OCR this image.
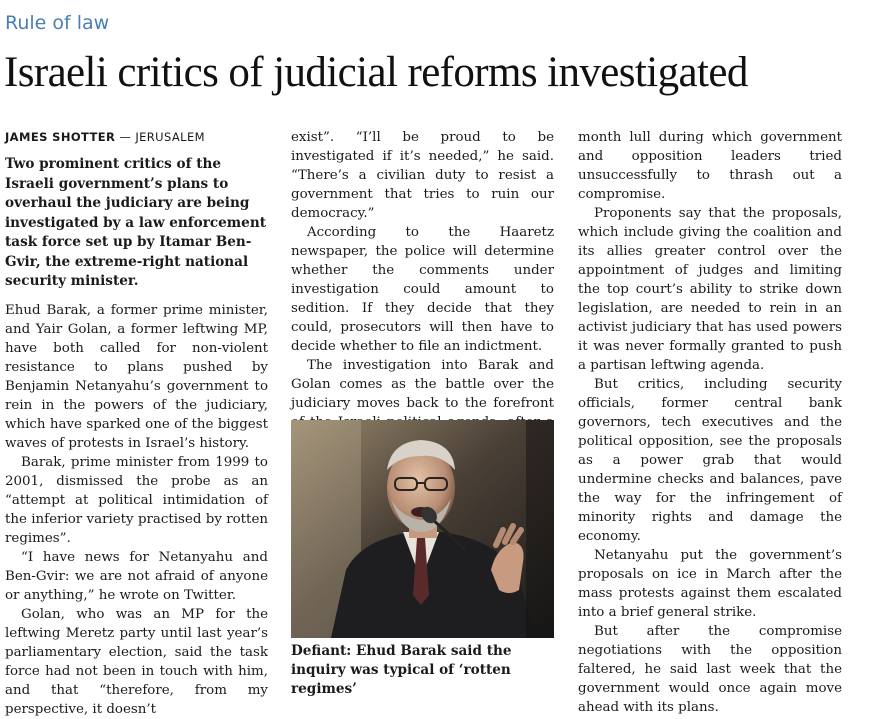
Rule of law
Israeli critics of judicial reforms investigated
JAMES SHOTTER — JERUSALEM

Two prominent critics of the Israeli government’s plans to overhaul the judiciary are being investigated by a law enforcement task force set up by Itamar Ben-Gvir, the extreme-right national security minister.

Ehud Barak, a former prime minister, and Yair Golan, a former leftwing MP, have both called for non-violent resistance to plans pushed by Benjamin Netanyahu’s government to rein in the powers of the judiciary, which have sparked one of the biggest waves of protests in Israel’s history.

Barak, prime minister from 1999 to 2001, dismissed the probe as an “attempt at political intimidation of the inferior variety practised by rotten regimes”.

“I have news for Netanyahu and Ben-Gvir: we are not afraid of anyone or anything,” he wrote on Twitter.

Golan, who was an MP for the leftwing Meretz party until last year’s parliamentary election, said the task force had not been in touch with him, and that “therefore, from my perspective, it doesn’t

exist”. “I’ll be proud to be investigated if it’s needed,” he said. “There’s a civilian duty to resist a government that tries to ruin our democracy.”

According to the Haaretz newspaper, the police will determine whether the comments under investigation could amount to sedition. If they decide that they could, prosecutors will then have to decide whether to file an indictment.

The investigation into Barak and Golan comes as the battle over the judiciary moves back to the forefront

Defiant: Ehud Barak said the inquiry was typical of ‘rotten regimes’

month lull during which government and opposition leaders tried unsuccessfully to thrash out a compromise.

Proponents say that the proposals, which include giving the coalition and its allies greater control over the appointment of judges and limiting the top court’s ability to strike down legislation, are needed to rein in an activist judiciary that has used powers it was never formally granted to push a partisan leftwing agenda.

But critics, including security officials, former central bank governors, tech executives and the political opposition, see the proposals as a power grab that would undermine checks and balances, pave the way for the infringement of minority rights and damage the economy.

Netanyahu put the government’s proposals on ice in March after the mass protests against them escalated into a brief general strike.

But after the compromise negotiations with the opposition faltered, he said last week that the government would once again move ahead with its plans.
